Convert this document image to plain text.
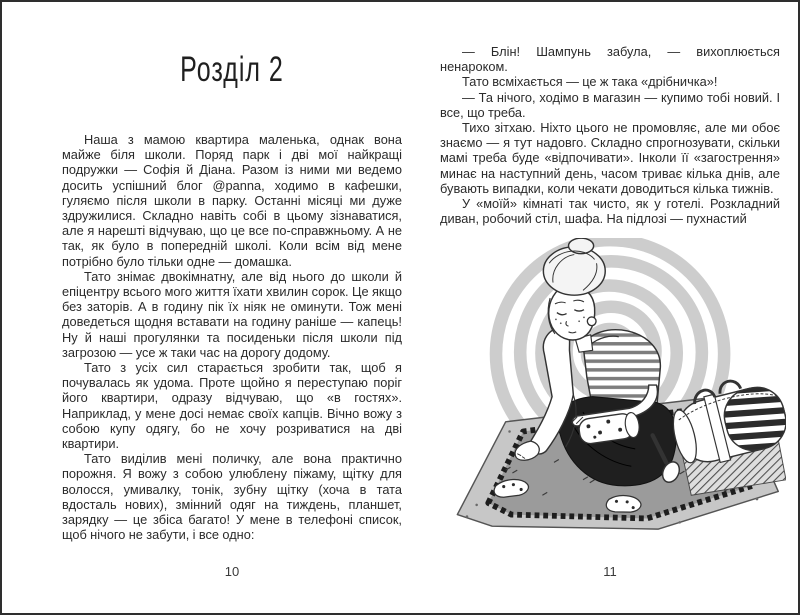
Розділ 2

Наша з мамою квартира маленька, однак вона майже біля школи. Поряд парк і дві мої найкращі подружки — Софія й Діана. Разом із ними ми ведемо досить успішний блог @panna, ходимо в кафешки, гуляємо після школи в парку. Останні місяці ми дуже здружилися. Складно навіть собі в цьому зізнаватися, але я нарешті відчуваю, що це все по-справжньому. А не так, як було в попередній школі. Коли всім від мене потрібно було тільки одне — домашка.

Тато знімає двокімнатну, але від нього до школи й епіцентру всього мого життя їхати хвилин сорок. Це якщо без заторів. А в годину пік їх ніяк не оминути. Тож мені доведеться щодня вставати на годину раніше — капець! Ну й наші прогулянки та посиденьки після школи під загрозою — усе ж таки час на дорогу додому.

Тато з усіх сил старається зробити так, щоб я почувалась як удома. Проте щойно я переступаю поріг його квартири, одразу відчуваю, що «в гостях». Наприклад, у мене досі немає своїх капців. Вічно вожу з собою купу одягу, бо не хочу розриватися на дві квартири.

Тато виділив мені поличку, але вона практично порожня. Я вожу з собою улюблену піжаму, щітку для волосся, умивалку, тонік, зубну щітку (хоча в тата вдосталь нових), змінний одяг на тиждень, планшет, зарядку — це збіса багато! У мене в телефоні список, щоб нічого не забути, і все одно:

10

— Блін! Шампунь забула, — вихоплюється ненароком.

Тато всміхається — це ж така «дрібничка»!

— Та нічого, ходімо в магазин — купимо тобі новий. І все, що треба.

Тихо зітхаю. Ніхто цього не промовляє, але ми обоє знаємо — я тут надовго. Складно спрогнозувати, скільки мамі треба буде «відпочивати». Інколи її «загострення» минає на наступний день, часом триває кілька днів, але бувають випадки, коли чекати доводиться кілька тижнів.

У «моїй» кімнаті так чисто, як у готелі. Розкладний диван, робочий стіл, шафа. На підлозі — пухнастий

11
